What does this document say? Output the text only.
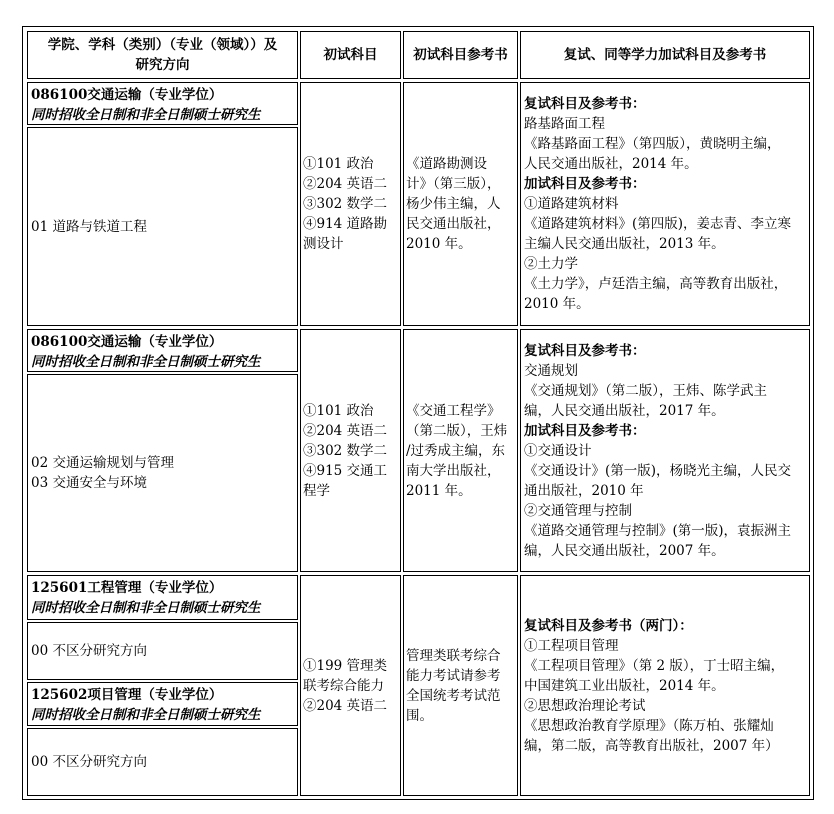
学院、学科（类别）（专业（领域））及
研究方向
初试科目	初试科目参考书	复试、同等学力加试科目及参考书
086100交通运输（专业学位）
同时招收全日制和非全日制硕士研究生
01 道路与铁道工程
①101 政治
②204 英语二
③302 数学二
④914 道路勘
测设计
《道路勘测设
计》（第三版），
杨少伟主编，人
民交通出版社，
2010 年。
复试科目及参考书：
路基路面工程
《路基路面工程》（第四版），黄晓明主编，
人民交通出版社，2014 年。
加试科目及参考书：
①道路建筑材料
《道路建筑材料》(第四版)，姜志青、李立寒
主编人民交通出版社，2013 年。
②土力学
《土力学》，卢廷浩主编，高等教育出版社，
2010 年。
086100交通运输（专业学位）
同时招收全日制和非全日制硕士研究生
02 交通运输规划与管理
03 交通安全与环境
①101 政治
②204 英语二
③302 数学二
④915 交通工
程学
《交通工程学》
（第二版），王炜
/过秀成主编，东
南大学出版社，
2011 年。
复试科目及参考书：
交通规划
《交通规划》（第二版），王炜、陈学武主
编，人民交通出版社，2017 年。
加试科目及参考书：
①交通设计
《交通设计》(第一版)，杨晓光主编，人民交
通出版社，2010 年
②交通管理与控制
《道路交通管理与控制》(第一版)，袁振洲主
编，人民交通出版社，2007 年。
125601工程管理（专业学位）
同时招收全日制和非全日制硕士研究生
00 不区分研究方向
125602项目管理（专业学位）
同时招收全日制和非全日制硕士研究生
00 不区分研究方向
①199 管理类
联考综合能力
②204 英语二
管理类联考综合
能力考试请参考
全国统考考试范
围。
复试科目及参考书（两门）：
①工程项目管理
《工程项目管理》（第 2 版），丁士昭主编，
中国建筑工业出版社，2014 年。
②思想政治理论考试
《思想政治教育学原理》（陈万柏、张耀灿
编，第二版，高等教育出版社，2007 年）
